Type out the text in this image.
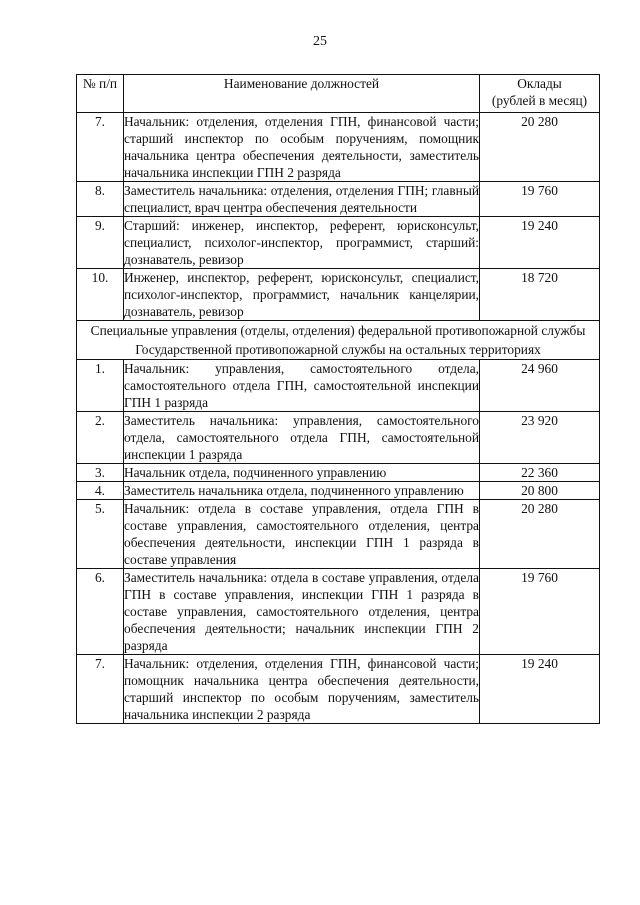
25
№ п/п	Наименование должностей	Оклады
(рублей в месяц)

7.	Начальник: отделения, отделения ГПН, финансовой части; старший инспектор по особым поручениям, помощник начальника центра обеспечения деятельности, заместитель начальника инспекции ГПН 2 разряда	20 280
8.	Заместитель начальника: отделения, отделения ГПН; главный специалист, врач центра обеспечения деятельности	19 760
9.	Старший: инженер, инспектор, референт, юрисконсульт, специалист, психолог-инспектор, программист, старший: дознаватель, ревизор	19 240
10.	Инженер, инспектор, референт, юрисконсульт, специалист, психолог-инспектор, программист, начальник канцелярии, дознаватель, ревизор	18 720
Специальные управления (отделы, отделения) федеральной противопожарной службы Государственной противопожарной службы на остальных территориях		
1.	Начальник: управления, самостоятельного отдела, самостоятельного отдела ГПН, самостоятельной инспекции ГПН 1 разряда	24 960
2.	Заместитель начальника: управления, самостоятельного отдела, самостоятельного отдела ГПН, самостоятельной инспекции 1 разряда	23 920
3.	Начальник отдела, подчиненного управлению	22 360
4.	Заместитель начальника отдела, подчиненного управлению	20 800
5.	Начальник: отдела в составе управления, отдела ГПН в составе управления, самостоятельного отделения, центра обеспечения деятельности, инспекции ГПН 1 разряда в составе управления	20 280
6.	Заместитель начальника: отдела в составе управления, отдела ГПН в составе управления, инспекции ГПН 1 разряда в составе управления, самостоятельного отделения, центра обеспечения деятельности; начальник инспекции ГПН 2 разряда	19 760
7.	Начальник: отделения, отделения ГПН, финансовой части; помощник начальника центра обеспечения деятельности, старший инспектор по особым поручениям, заместитель начальника инспекции 2 разряда	19 240
